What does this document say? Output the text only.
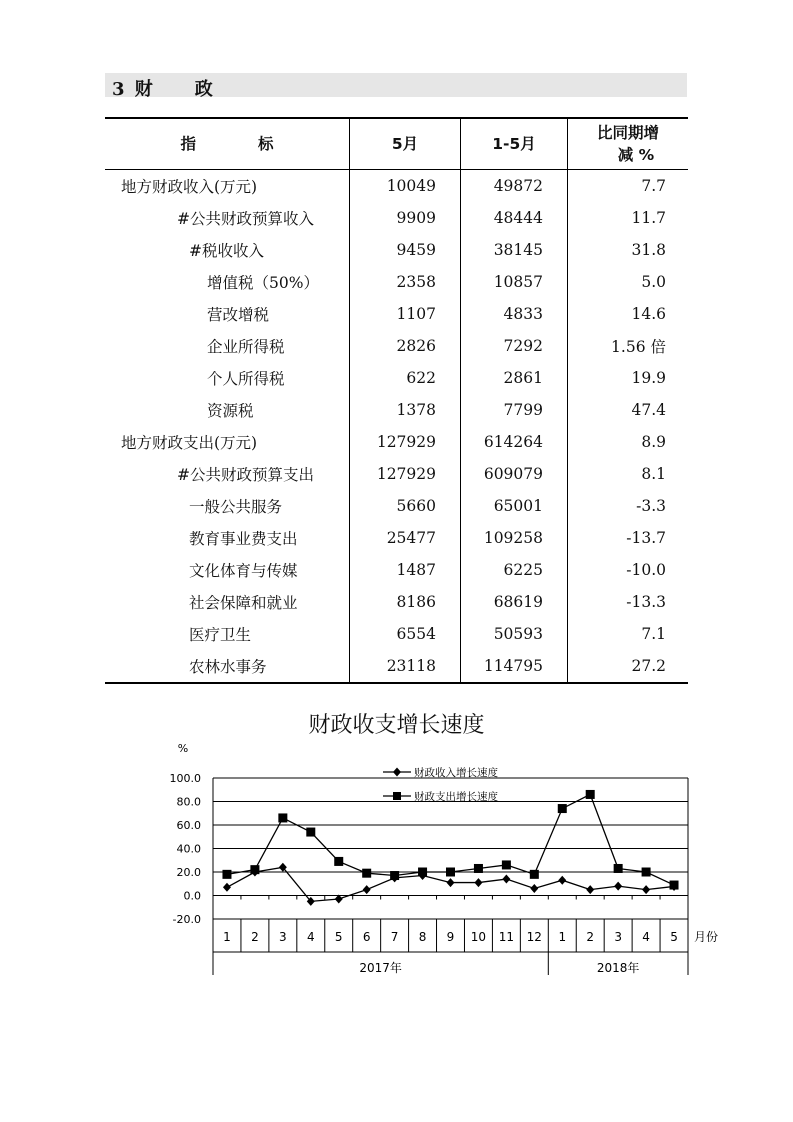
3 财　　政
指　　　　标	5月	1-5月	比同期增
减 %

地方财政收入(万元)	10049	49872	7.7
#公共财政预算收入	9909	48444	11.7
#税收收入	9459	38145	31.8
增值税（50%）	2358	10857	5.0
营改增税	1107	4833	14.6
企业所得税	2826	7292	1.56 倍
个人所得税	622	2861	19.9
资源税	1378	7799	47.4
地方财政支出(万元)	127929	614264	8.9
#公共财政预算支出	127929	609079	8.1
一般公共服务	5660	65001	-3.3
教育事业费支出	25477	109258	-13.7
文化体育与传媒	1487	6225	-10.0
社会保障和就业	8186	68619	-13.3
医疗卫生	6554	50593	7.1
农林水事务	23118	114795	27.2
财政收支增长速度
100.0
80.0
60.0
40.0
20.0
0.0
-20.0
%
1 2 3 4 5 6 7 8 9 10 11 12 1 2 3 4 5 月份
2017年	2018年
财政收入增长速度
财政支出增长速度
